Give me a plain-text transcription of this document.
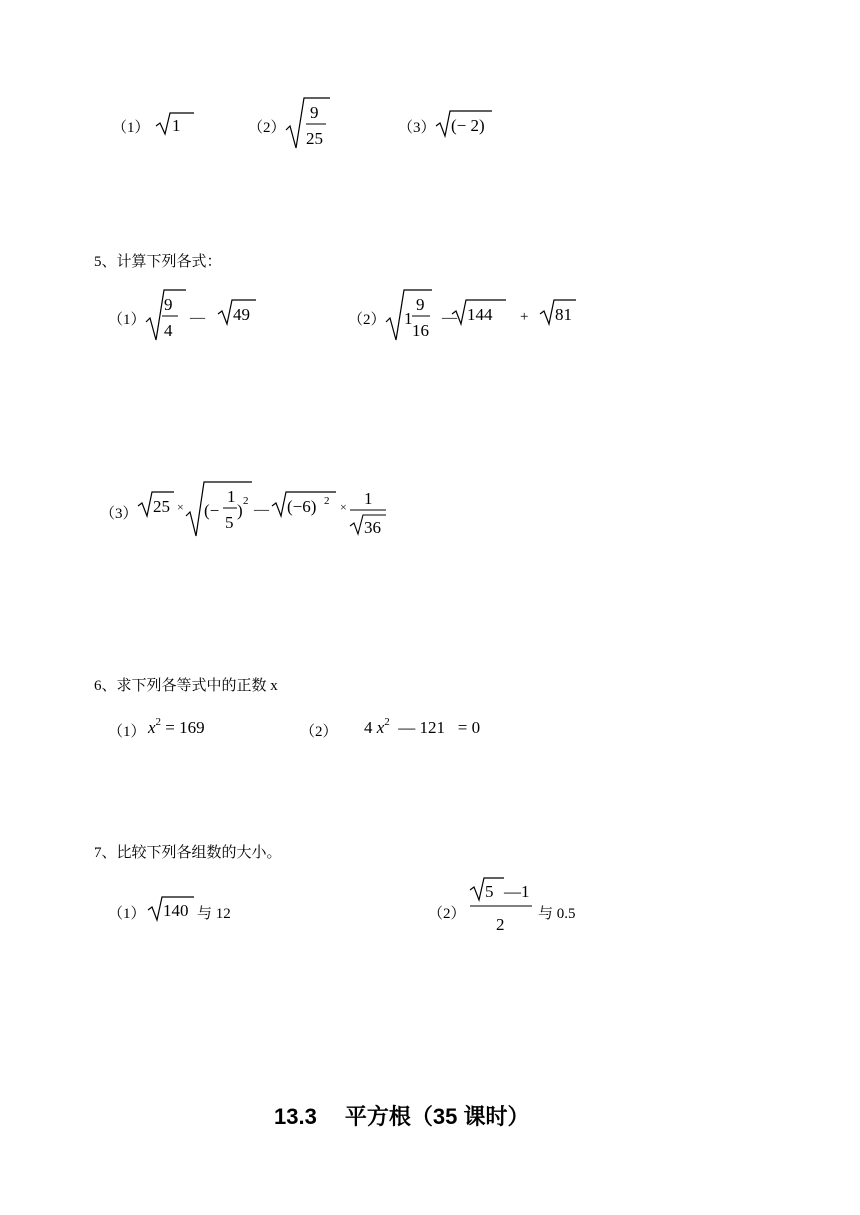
（1） 1	（2）
9
25
（3） (− 2)
5、计算下列各式：
（1）
9
4
— 49	（2） 1
9
16
— 144 + 81
（3） 25 × (−
1
5
) 2
— (−6) 2 × 1
36
6、求下列各等式中的正数 x
（1） $x^2 = 169$	（2） 4 $x^2$ — 121 = 0
7、比较下列各组数的大小。
（1） 140 与 12	（2）
5 —1
2
与 0.5
13.3　 平方根（35 课时）
